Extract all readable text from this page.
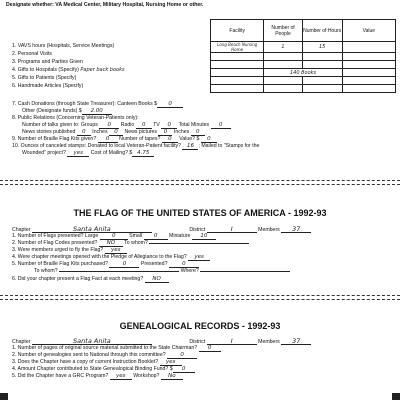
Designate whether: VA Medical Center, Military Hospital, Nursing Home or other.
Facility	Number of People	Number of Hours	Value
Long Beach Nursing Home	1	15	

	140 Books		

1. VAVS hours (Hospitals, Service Meetings)
2. Personal Visits
3. Programs and Parties Given
4. Gifts to Hospitals (Specify) Paper back books
5. Gifts to Patients (Specify)
6. Handmade Articles (Specify)
7. Cash Donations (through State Treasurer): Canteen Books $ 0
Other (Designate funds) $ 2.00
8. Public Relations (Concerning Veteran-Patients only):
Number of talks given to: Groups 0 Radio 0 TV 0 Total Minutes 0
News stories published 0 Inches 0 News pictures 0 Inches 0
9. Number of Braille Flag Kits given? 0 Number of tapes? 0 Value? $ 0
10. Ounces of canceled stamps: Donated to local Veteran-Patient facility? 16 ; Mailed to "Stamps for the
Wounded" project? yes Cost of Mailing? $ 4.75
THE FLAG OF THE UNITED STATES OF AMERICA - 1992-93
Chapter	Santa Anita	District	I	Members 37
1. Number of Flags presented? Large 0	Small 0 Miniature 10
2. Number of Flag Codes presented? NO To whom?
3. Were members urged to fly the Flag? yes
4. Were chapter meetings opened with the Pledge of Allegiance to the Flag? yes
5. Number of Braille Flag Kits purchased?	0	Presented?	0
To whom?	Where?
6. Did your chapter present a Flag Fact at each meeting? NO
GENEALOGICAL RECORDS - 1992-93
Chapter	Santa Anita	District	I	Members 37
1. Number of pages of original source material submitted to the State Chairman? 0
2. Number of genealogies sent to National through this committee?	0
3. Does the Chapter have a copy of current Instruction Booklet? yes
4. Amount Chapter contributed to State Genealogical Binding Fund? $ 0
5. Did the Chapter have a GRC Program? yes Workshop? No
